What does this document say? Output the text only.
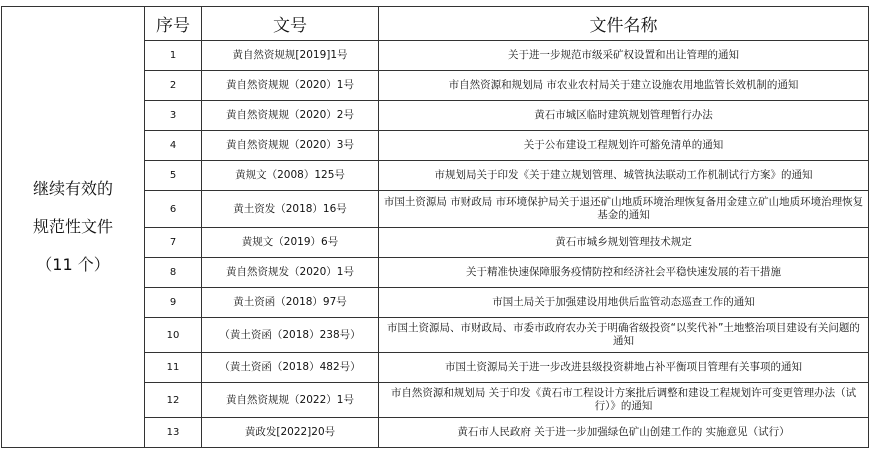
继续有效的
规范性文件
（11 个）	序号	文号	文件名称
	1	黄自然资规规[2019]1号	关于进一步规范市级采矿权设置和出让管理的通知
	2	黄自然资规规（2020）1号	市自然资源和规划局 市农业农村局关于建立设施农用地监管长效机制的通知
	3	黄自然资规规（2020）2号	黄石市城区临时建筑规划管理暂行办法
	4	黄自然资规规（2020）3号	关于公布建设工程规划许可豁免清单的通知
	5	黄规文（2008）125号	市规划局关于印发《关于建立规划管理、城管执法联动工作机制试行方案》的通知
	6	黄土资发（2018）16号	市国土资源局 市财政局 市环境保护局关于退还矿山地质环境治理恢复备用金建立矿山地质环境治理恢复基金的通知
	7	黄规文（2019）6号	黄石市城乡规划管理技术规定
	8	黄自然资规发（2020）1号	关于精准快速保障服务疫情防控和经济社会平稳快速发展的若干措施
	9	黄土资函（2018）97号	市国土局关于加强建设用地供后监管动态巡查工作的通知
	10	（黄土资函（2018）238号）	市国土资源局、市财政局、市委市政府农办关于明确省级投资“以奖代补”土地整治项目建设有关问题的通知
	11	（黄土资函（2018）482号）	市国土资源局关于进一步改进县级投资耕地占补平衡项目管理有关事项的通知
	12	黄自然资规规（2022）1号	市自然资源和规划局 关于印发《黄石市工程设计方案批后调整和建设工程规划许可变更管理办法（试行）》的通知
	13	黄政发[2022]20号	黄石市人民政府 关于进一步加强绿色矿山创建工作的 实施意见（试行）
